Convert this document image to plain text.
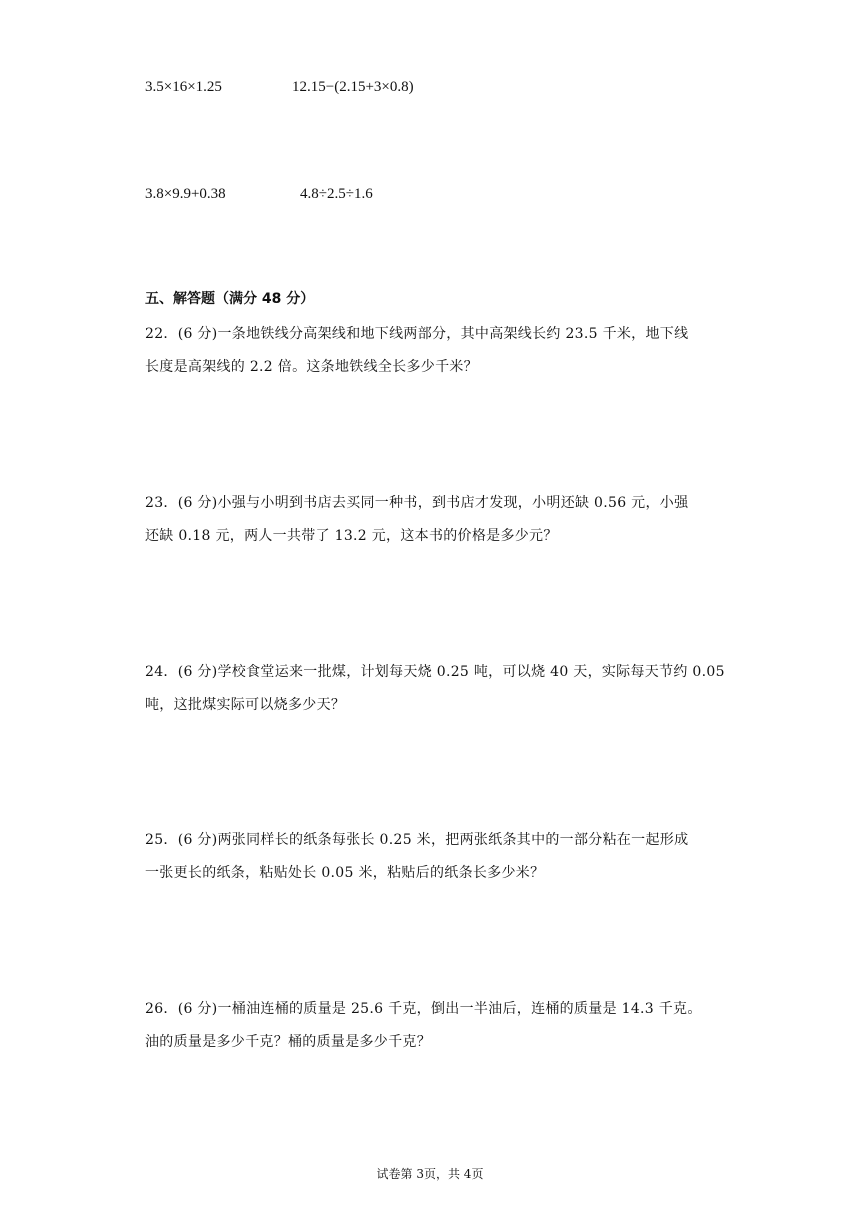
3.5×16×1.25	12.15−(2.15+3×0.8)
3.8×9.9+0.38	4.8÷2.5÷1.6
五、解答题（满分 48 分）
22．(6 分)一条地铁线分高架线和地下线两部分，其中高架线长约 23.5 千米，地下线
长度是高架线的 2.2 倍。这条地铁线全长多少千米？
23．(6 分)小强与小明到书店去买同一种书，到书店才发现，小明还缺 0.56 元，小强
还缺 0.18 元，两人一共带了 13.2 元，这本书的价格是多少元？
24．(6 分)学校食堂运来一批煤，计划每天烧 0.25 吨，可以烧 40 天，实际每天节约 0.05
吨，这批煤实际可以烧多少天？
25．(6 分)两张同样长的纸条每张长 0.25 米，把两张纸条其中的一部分粘在一起形成
一张更长的纸条，粘贴处长 0.05 米，粘贴后的纸条长多少米？
26．(6 分)一桶油连桶的质量是 25.6 千克，倒出一半油后，连桶的质量是 14.3 千克。
油的质量是多少千克？桶的质量是多少千克？
试卷第 3页，共 4页
